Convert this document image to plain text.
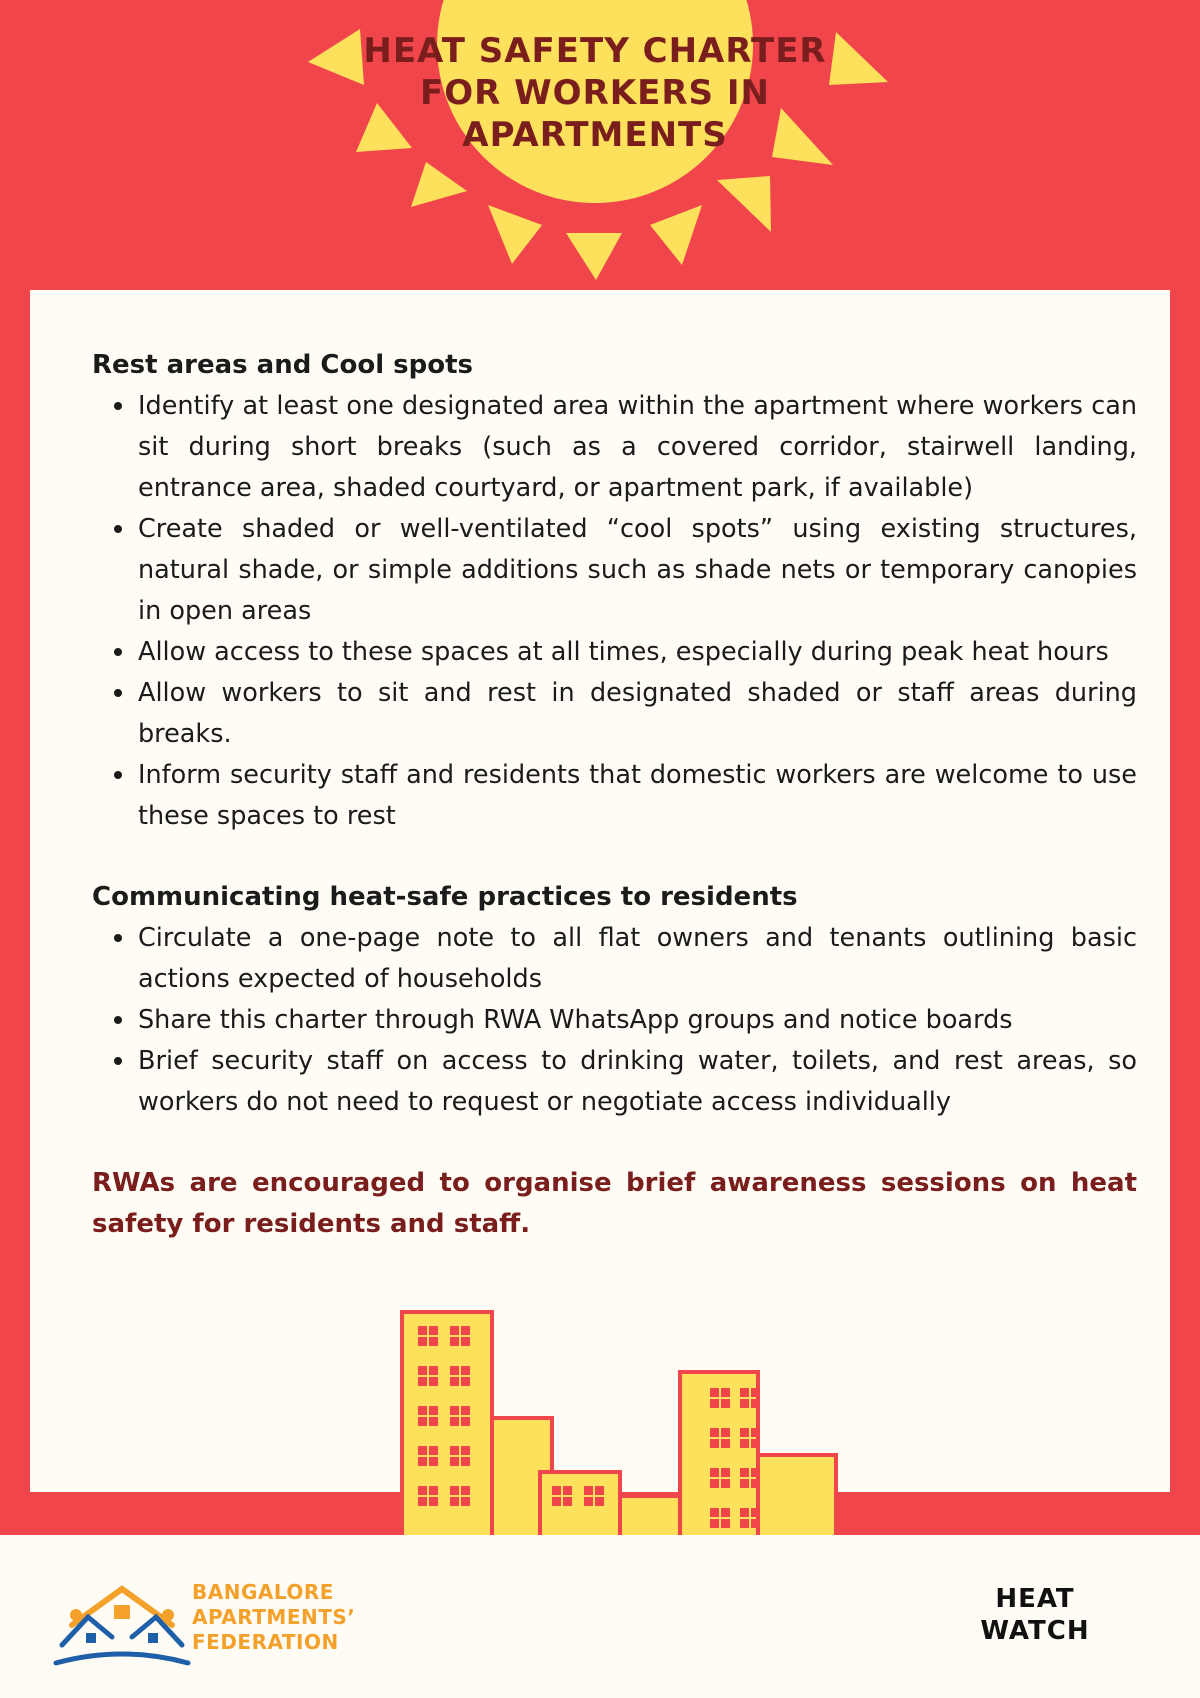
HEAT SAFETY CHARTER
FOR WORKERS IN
APARTMENTS
Rest areas and Cool spots
Identify at least one designated area within the apartment where workers can sit during short breaks (such as a covered corridor, stairwell landing, entrance area, shaded courtyard, or apartment park, if available)
Create shaded or well-ventilated “cool spots” using existing structures, natural shade, or simple additions such as shade nets or temporary canopies in open areas
Allow access to these spaces at all times, especially during peak heat hours
Allow workers to sit and rest in designated shaded or staff areas during breaks.
Inform security staff and residents that domestic workers are welcome to use these spaces to rest
Communicating heat-safe practices to residents
Circulate a one-page note to all flat owners and tenants outlining basic actions expected of households
Share this charter through RWA WhatsApp groups and notice boards
Brief security staff on access to drinking water, toilets, and rest areas, so workers do not need to request or negotiate access individually

RWAs are encouraged to organise brief awareness sessions on heat safety for residents and staff.

BANGALORE
APARTMENTS’
FEDERATION
HEAT
WATCH
